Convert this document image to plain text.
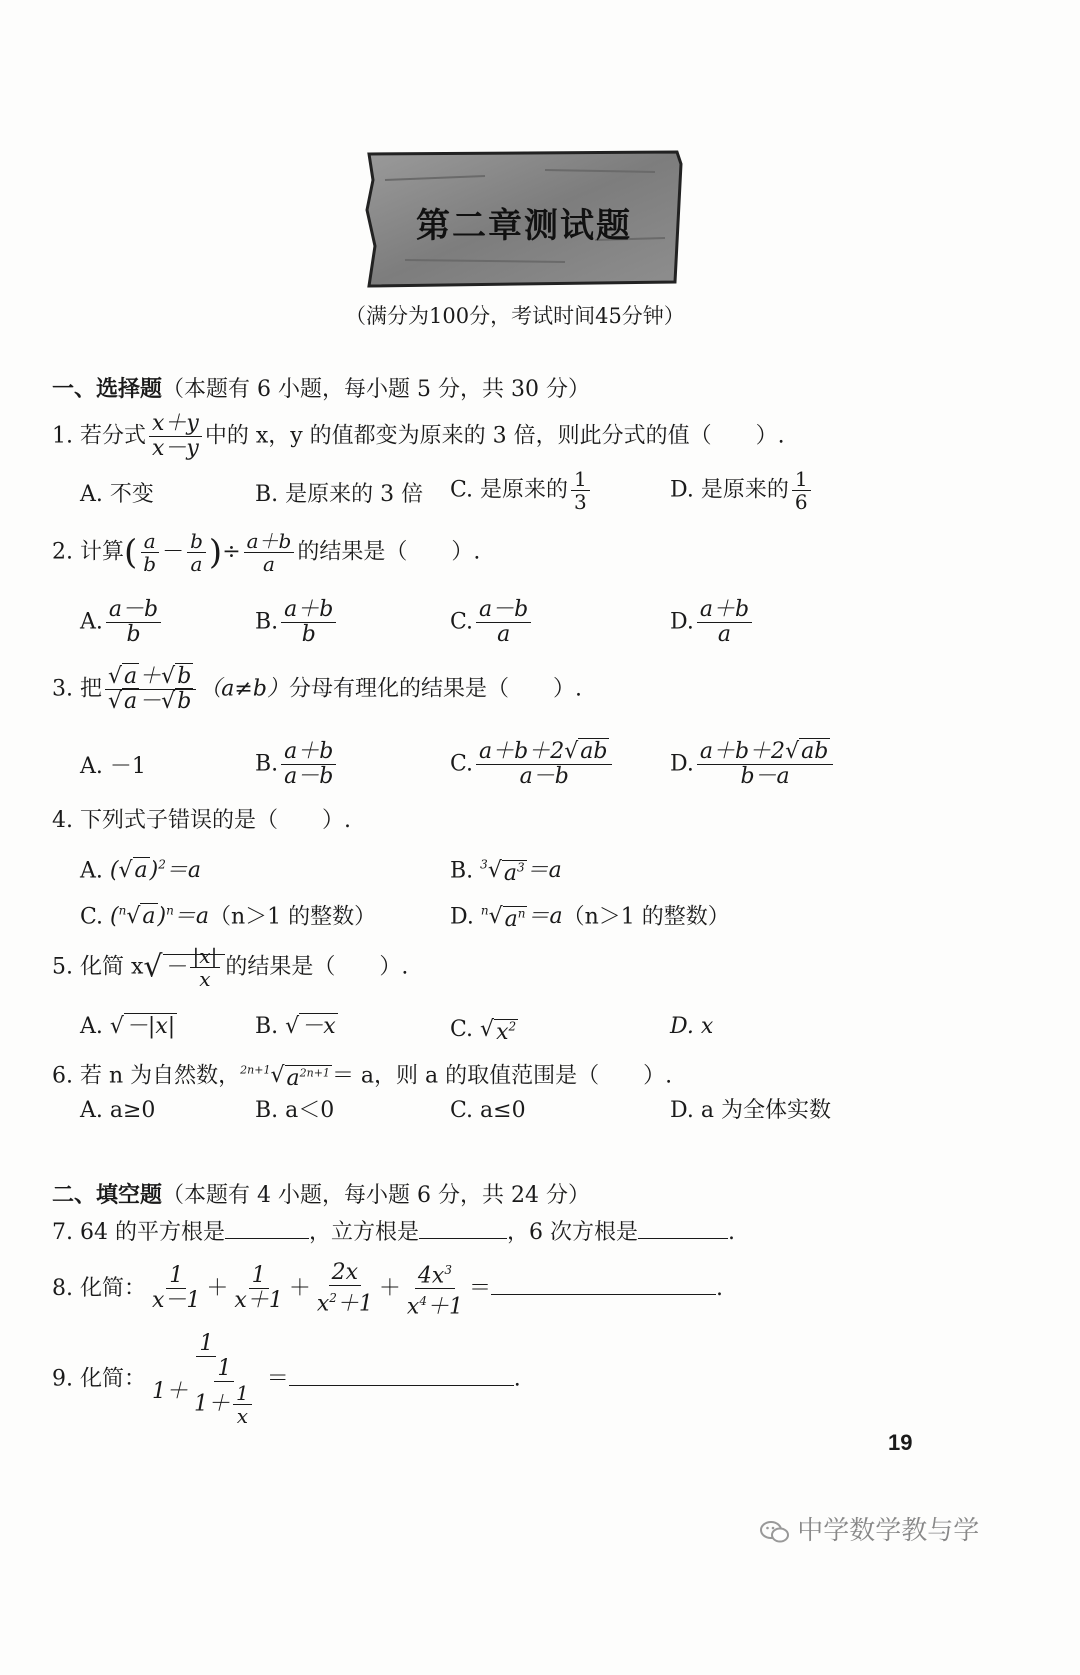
第二章测试题
（满分为100分，考试时间45分钟）
一、选择题（本题有 6 小题，每小题 5 分，共 30 分）
1. 若分式 $\frac{x+y}{x-y}$ 中的 x，y 的值都变为原来的 3 倍，则此分式的值（　　）.
A. 不变	B. 是原来的 3 倍 C. 是原来的 $\frac{1}{3}$	D. 是原来的 $\frac{1}{6}$
2. 计算( $\frac{a}{b} - \frac{b}{a}$ )÷ $\frac{a+b}{a}$ 的结果是（　　）.
A. $\frac{a-b}{b}$	B. $\frac{a+b}{b}$	C. $\frac{a-b}{a}$	D. $\frac{a+b}{a}$
3. 把 $\frac{√a+√b}{√a-√b} (a\ne b)$分母有理化的结果是（　　）.
A. －1	B. $\frac{a+b}{a-b}$	C. $\frac{a+b+2√ab}{a-b}$	D. $\frac{a+b+2√ab}{b-a}$
4. 下列式子错误的是（　　）.
A. $(√a)^2=a$	B. $^3√a^3=a$
C. $(^n√a)^n=a(n>1$ 的整数）	D. $^n√a^n=a(n>1$ 的整数）
5. 化简 $x√- \frac{|x|}{x}$ 的结果是（　　）.
A. √－|x|	B. √－x	C. $√x^2$	D. x
6. 若 n 为自然数，$^{2n+1}√a^{2n+1}= a$，则 a 的取值范围是（　　）.
A. a≥0	B. a＜0	C. a≤0	D. a 为全体实数
二、填空题（本题有 4 小题，每小题 6 分，共 24 分）
7. 64 的平方根是	，立方根是	，6 次方根是	.
8. 化简： $\frac{1}{x-1} + \frac{1}{x+1} + \frac{2x}{x^2+1} + \frac{4x^3}{x^4+1}$ ＝	.
9. 化简： $\frac{1}{1+ \frac{1}{1+ \frac{1}{x}}}$ ＝	.
19
中学数学教与学
